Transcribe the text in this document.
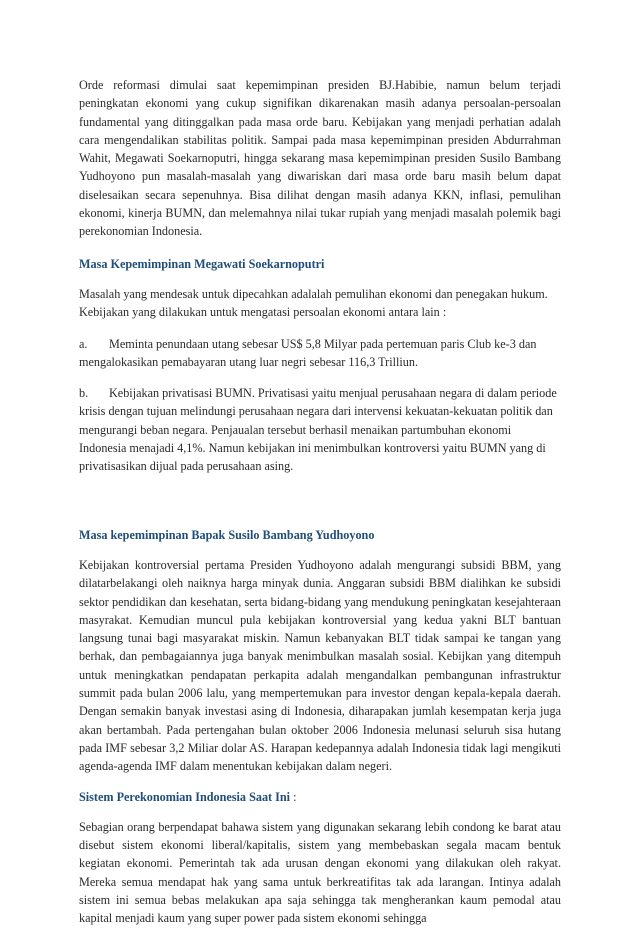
Orde reformasi dimulai saat kepemimpinan presiden BJ.Habibie, namun belum terjadi peningkatan ekonomi yang cukup signifikan dikarenakan masih adanya persoalan-persoalan fundamental yang ditinggalkan pada masa orde baru. Kebijakan yang menjadi perhatian adalah cara mengendalikan stabilitas politik. Sampai pada masa kepemimpinan presiden Abdurrahman Wahit, Megawati Soekarnoputri, hingga sekarang masa kepemimpinan presiden Susilo Bambang Yudhoyono pun masalah-masalah yang diwariskan dari masa orde baru masih belum dapat diselesaikan secara sepenuhnya. Bisa dilihat dengan masih adanya KKN, inflasi, pemulihan ekonomi, kinerja BUMN, dan melemahnya nilai tukar rupiah yang menjadi masalah polemik bagi perekonomian Indonesia.

Masa Kepemimpinan Megawati Soekarnoputri

Masalah yang mendesak untuk dipecahkan adalalah pemulihan ekonomi dan penegakan hukum. Kebijakan yang dilakukan untuk mengatasi persoalan ekonomi antara lain :

a. Meminta penundaan utang sebesar US$ 5,8 Milyar pada pertemuan paris Club ke-3 dan mengalokasikan pemabayaran utang luar negri sebesar 116,3 Trilliun.

b. Kebijakan privatisasi BUMN. Privatisasi yaitu menjual perusahaan negara di dalam periode krisis dengan tujuan melindungi perusahaan negara dari intervensi kekuatan-kekuatan politik dan mengurangi beban negara. Penjaualan tersebut berhasil menaikan partumbuhan ekonomi Indonesia menajadi 4,1%. Namun kebijakan ini menimbulkan kontroversi yaitu BUMN yang di privatisasikan dijual pada perusahaan asing.

Masa kepemimpinan Bapak Susilo Bambang Yudhoyono

Kebijakan kontroversial pertama Presiden Yudhoyono adalah mengurangi subsidi BBM, yang dilatarbelakangi oleh naiknya harga minyak dunia. Anggaran subsidi BBM dialihkan ke subsidi sektor pendidikan dan kesehatan, serta bidang-bidang yang mendukung peningkatan kesejahteraan masyrakat. Kemudian muncul pula kebijakan kontroversial yang kedua yakni BLT bantuan langsung tunai bagi masyarakat miskin. Namun kebanyakan BLT tidak sampai ke tangan yang berhak, dan pembagaiannya juga banyak menimbulkan masalah sosial. Kebijkan yang ditempuh untuk meningkatkan pendapatan perkapita adalah mengandalkan pembangunan infrastruktur summit pada bulan 2006 lalu, yang mempertemukan para investor dengan kepala-kepala daerah. Dengan semakin banyak investasi asing di Indonesia, diharapakan jumlah kesempatan kerja juga akan bertambah. Pada pertengahan bulan oktober 2006 Indonesia melunasi seluruh sisa hutang pada IMF sebesar 3,2 Miliar dolar AS. Harapan kedepannya adalah Indonesia tidak lagi mengikuti agenda-agenda IMF dalam menentukan kebijakan dalam negeri.

Sistem Perekonomian Indonesia Saat Ini :

Sebagian orang berpendapat bahawa sistem yang digunakan sekarang lebih condong ke barat atau disebut sistem ekonomi liberal/kapitalis, sistem yang membebaskan segala macam bentuk kegiatan ekonomi. Pemerintah tak ada urusan dengan ekonomi yang dilakukan oleh rakyat. Mereka semua mendapat hak yang sama untuk berkreatifitas tak ada larangan. Intinya adalah sistem ini semua bebas melakukan apa saja sehingga tak mengherankan kaum pemodal atau kapital menjadi kaum yang super power pada sistem ekonomi sehingga
